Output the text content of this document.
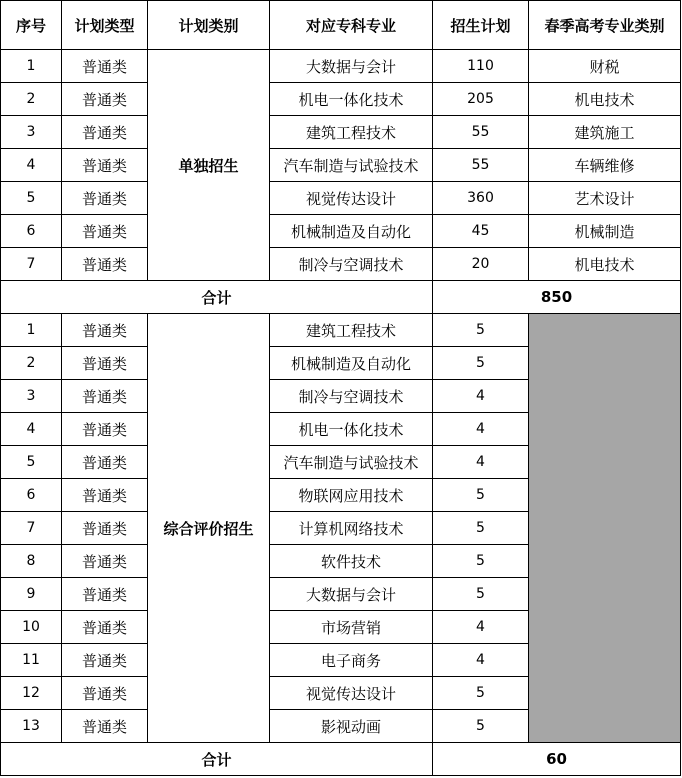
序号	计划类型	计划类别	对应专科专业	招生计划	春季高考专业类别
1	普通类	单独招生	大数据与会计	110	财税
2	普通类		机电一体化技术	205	机电技术
3	普通类		建筑工程技术	55	建筑施工
4	普通类		汽车制造与试验技术	55	车辆维修
5	普通类		视觉传达设计	360	艺术设计
6	普通类		机械制造及自动化	45	机械制造
7	普通类		制冷与空调技术	20	机电技术
合计				850	
1	普通类	综合评价招生	建筑工程技术	5	
2	普通类		机械制造及自动化	5	
3	普通类		制冷与空调技术	4	
4	普通类		机电一体化技术	4	
5	普通类		汽车制造与试验技术	4	
6	普通类		物联网应用技术	5	
7	普通类		计算机网络技术	5	
8	普通类		软件技术	5	
9	普通类		大数据与会计	5	
10	普通类		市场营销	4	
11	普通类		电子商务	4	
12	普通类		视觉传达设计	5	
13	普通类		影视动画	5	
合计				60	
